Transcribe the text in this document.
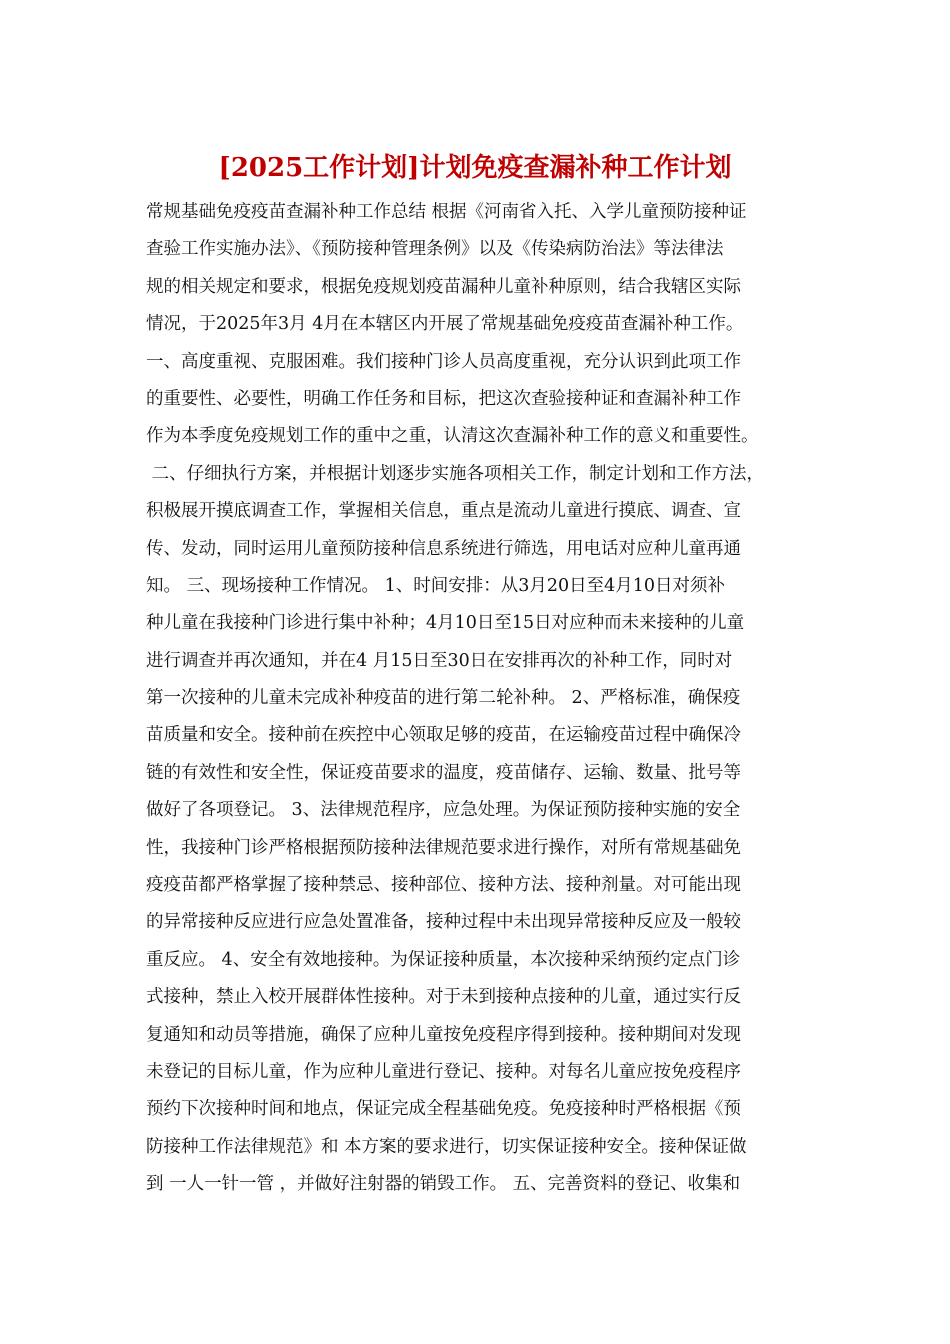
[2025工作计划]计划免疫查漏补种工作计划
常规基础免疫疫苗查漏补种工作总结 根据《河南省入托、入学儿童预防接种证
查验工作实施办法》、《预防接种管理条例》以及《传染病防治法》等法律法
规的相关规定和要求，根据免疫规划疫苗漏种儿童补种原则，结合我辖区实际
情况，于2025年3月 4月在本辖区内开展了常规基础免疫疫苗查漏补种工作。
一、高度重视、克服困难。我们接种门诊人员高度重视，充分认识到此项工作
的重要性、必要性，明确工作任务和目标，把这次查验接种证和查漏补种工作
作为本季度免疫规划工作的重中之重，认清这次查漏补种工作的意义和重要性。
二、仔细执行方案，并根据计划逐步实施各项相关工作，制定计划和工作方法，
积极展开摸底调查工作，掌握相关信息，重点是流动儿童进行摸底、调查、宣
传、发动，同时运用儿童预防接种信息系统进行筛选，用电话对应种儿童再通
知。 三、现场接种工作情况。 1、时间安排：从3月20日至4月10日对须补
种儿童在我接种门诊进行集中补种；4月10日至15日对应种而未来接种的儿童
进行调查并再次通知，并在4 月15日至30日在安排再次的补种工作，同时对
第一次接种的儿童未完成补种疫苗的进行第二轮补种。 2、严格标准，确保疫
苗质量和安全。接种前在疾控中心领取足够的疫苗，在运输疫苗过程中确保冷
链的有效性和安全性，保证疫苗要求的温度，疫苗储存、运输、数量、批号等
做好了各项登记。 3、法律规范程序，应急处理。为保证预防接种实施的安全
性，我接种门诊严格根据预防接种法律规范要求进行操作，对所有常规基础免
疫疫苗都严格掌握了接种禁忌、接种部位、接种方法、接种剂量。对可能出现
的异常接种反应进行应急处置准备，接种过程中未出现异常接种反应及一般较
重反应。 4、安全有效地接种。为保证接种质量，本次接种采纳预约定点门诊
式接种，禁止入校开展群体性接种。对于未到接种点接种的儿童，通过实行反
复通知和动员等措施，确保了应种儿童按免疫程序得到接种。接种期间对发现
未登记的目标儿童，作为应种儿童进行登记、接种。对每名儿童应按免疫程序
预约下次接种时间和地点，保证完成全程基础免疫。免疫接种时严格根据《预
防接种工作法律规范》和 本方案的要求进行，切实保证接种安全。接种保证做
到 一人一针一管 ，并做好注射器的销毁工作。 五、完善资料的登记、收集和
